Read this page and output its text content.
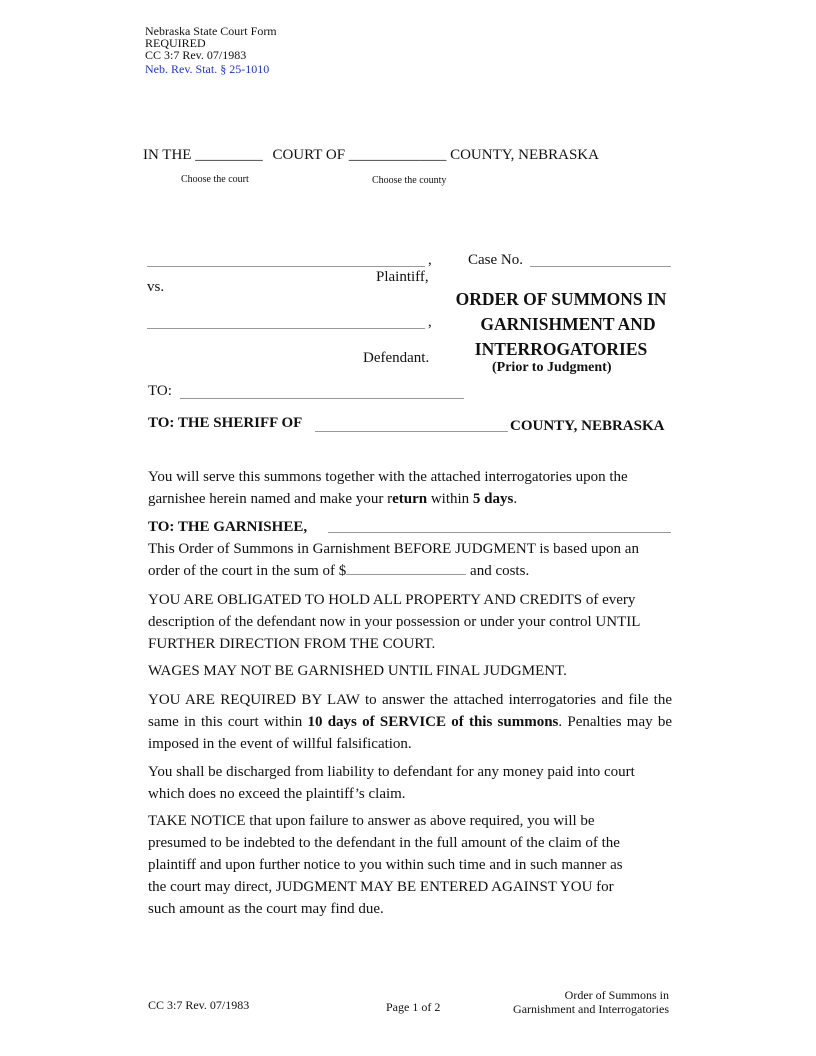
Nebraska State Court Form
REQUIRED
CC 3:7 Rev. 07/1983
Neb. Rev. Stat. § 25-1010
IN THE _________ COURT OF _____________ COUNTY, NEBRASKA
Choose the court	Choose the county
,
Plaintiff,
vs.
,
Defendant.
Case No.
ORDER OF SUMMONS IN
GARNISHMENT AND
INTERROGATORIES
(Prior to Judgment)
TO:
TO: THE SHERIFF OF	COUNTY, NEBRASKA

You will serve this summons together with the attached interrogatories upon the garnishee herein named and make your return within 5 days.

TO: THE GARNISHEE,

This Order of Summons in Garnishment BEFORE JUDGMENT is based upon an order of the court in the sum of $	and costs.

YOU ARE OBLIGATED TO HOLD ALL PROPERTY AND CREDITS of every description of the defendant now in your possession or under your control UNTIL FURTHER DIRECTION FROM THE COURT.

WAGES MAY NOT BE GARNISHED UNTIL FINAL JUDGMENT.

YOU ARE REQUIRED BY LAW to answer the attached interrogatories and file the same in this court within 10 days of SERVICE of this summons. Penalties may be imposed in the event of willful falsification.

You shall be discharged from liability to defendant for any money paid into court which does no exceed the plaintiff’s claim.

TAKE NOTICE that upon failure to answer as above required, you will be
presumed to be indebted to the defendant in the full amount of the claim of the
plaintiff and upon further notice to you within such time and in such manner as
the court may direct, JUDGMENT MAY BE ENTERED AGAINST YOU for
such amount as the court may find due.
CC 3:7 Rev. 07/1983	Page 1 of 2
Order of Summons in
Garnishment and Interrogatories
